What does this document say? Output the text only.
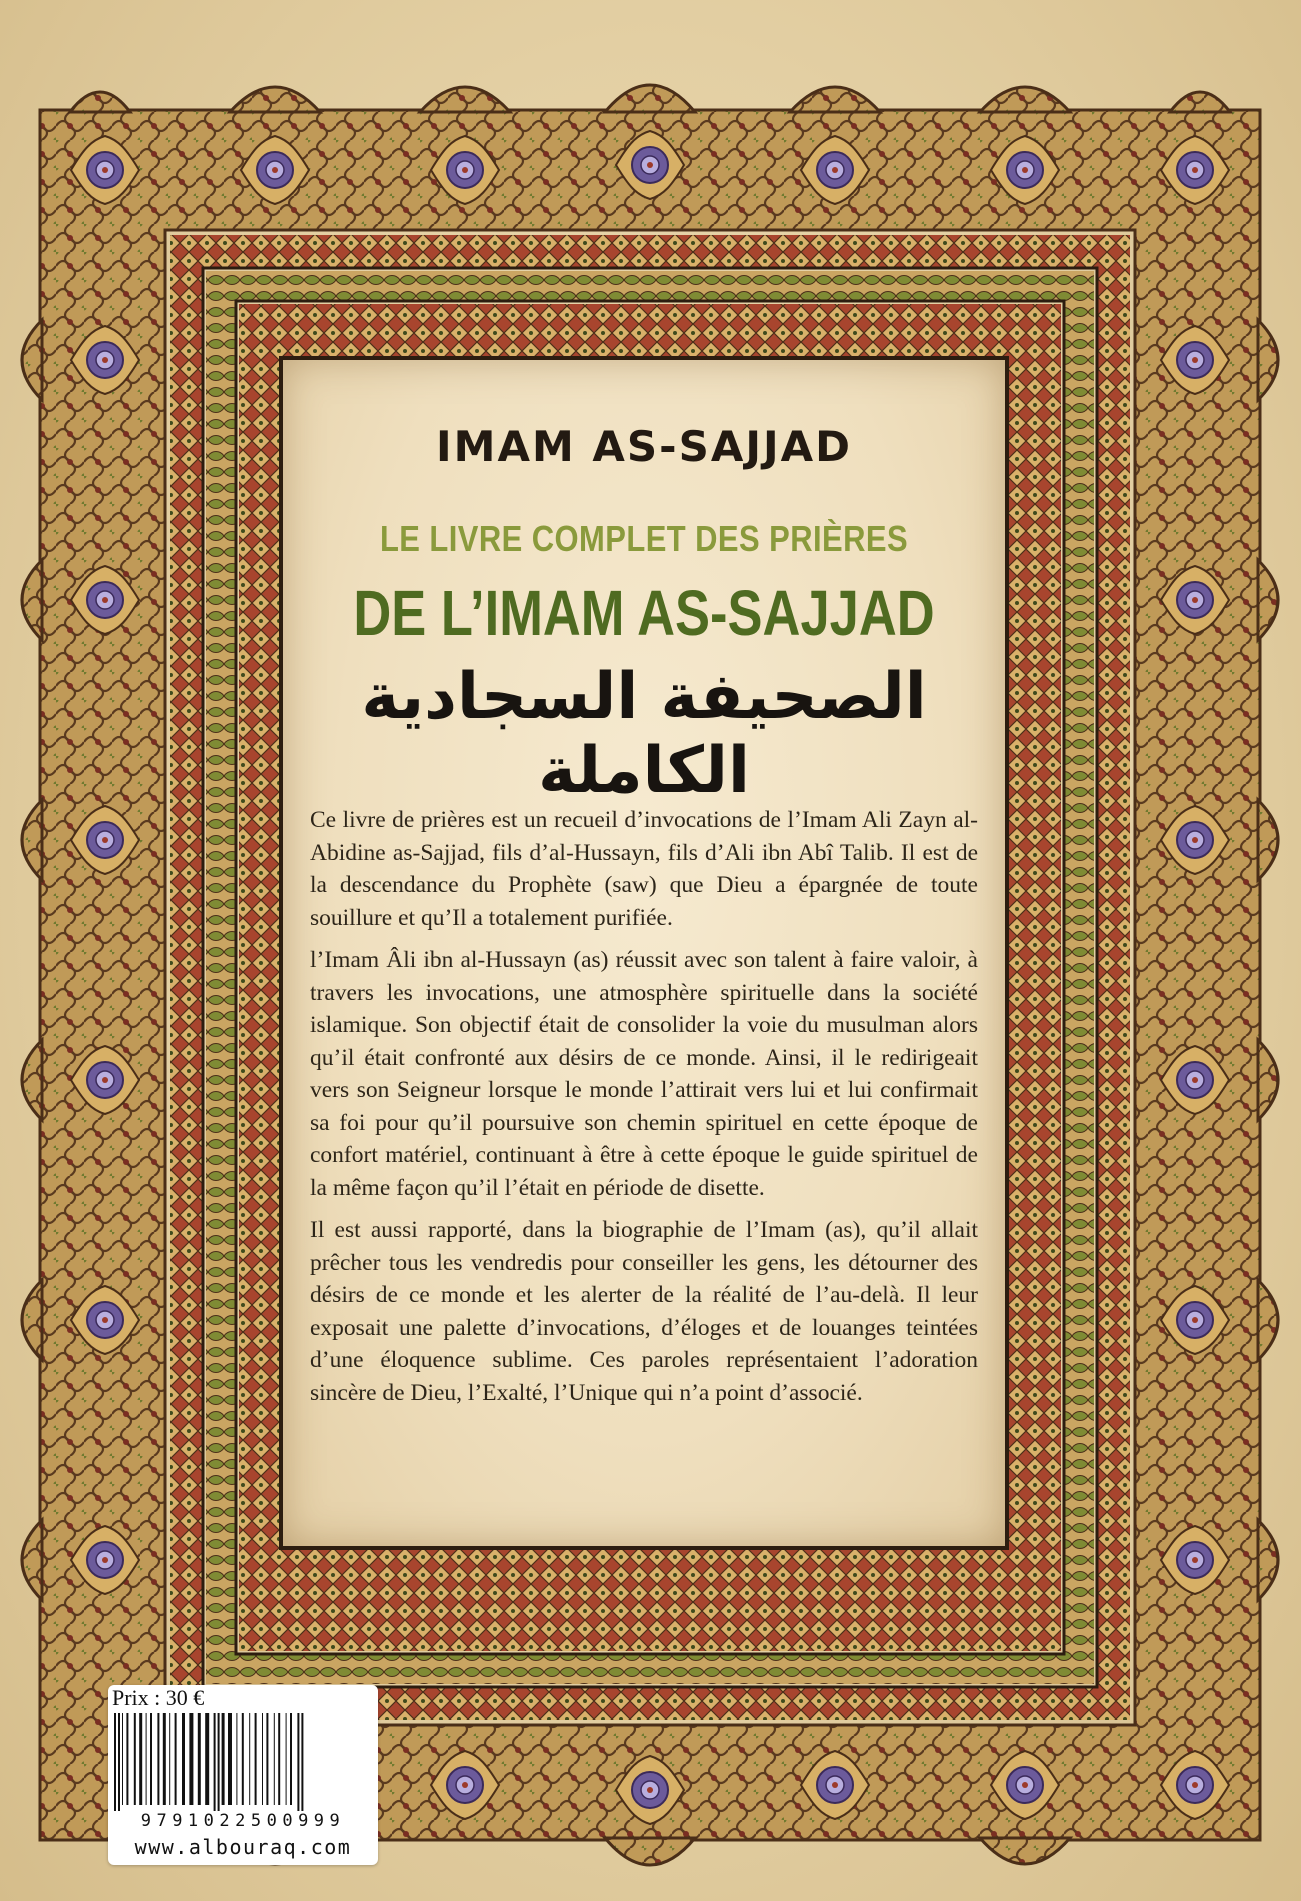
IMAM AS-SAJJAD
LE LIVRE COMPLET DES PRIÈRES
DE L’IMAM AS-SAJJAD
الصحيفة السجادية الكاملة

Ce livre de prières est un recueil d’invocations de l’Imam Ali Zayn al-Abidine as-Sajjad, fils d’al-Hussayn, fils d’Ali ibn Abî Talib. Il est de la descendance du Prophète (saw) que Dieu a épargnée de toute souillure et qu’Il a totalement purifiée.

l’Imam Âli ibn al-Hussayn (as) réussit avec son talent à faire valoir, à travers les invocations, une atmosphère spirituelle dans la société islamique. Son objectif était de consolider la voie du musulman alors qu’il était confronté aux désirs de ce monde. Ainsi, il le redirigeait vers son Seigneur lorsque le monde l’attirait vers lui et lui confirmait sa foi pour qu’il poursuive son chemin spirituel en cette époque de confort matériel, continuant à être à cette époque le guide spirituel de la même façon qu’il l’était en période de disette.

Il est aussi rapporté, dans la biographie de l’Imam (as), qu’il allait prêcher tous les vendredis pour conseiller les gens, les détourner des désirs de ce monde et les alerter de la réalité de l’au-delà. Il leur exposait une palette d’invocations, d’éloges et de louanges teintées d’une éloquence sublime. Ces paroles représentaient l’adoration sincère de Dieu, l’Exalté, l’Unique qui n’a point d’associé.

Prix : 30 €
9791022500999
www.albouraq.com
